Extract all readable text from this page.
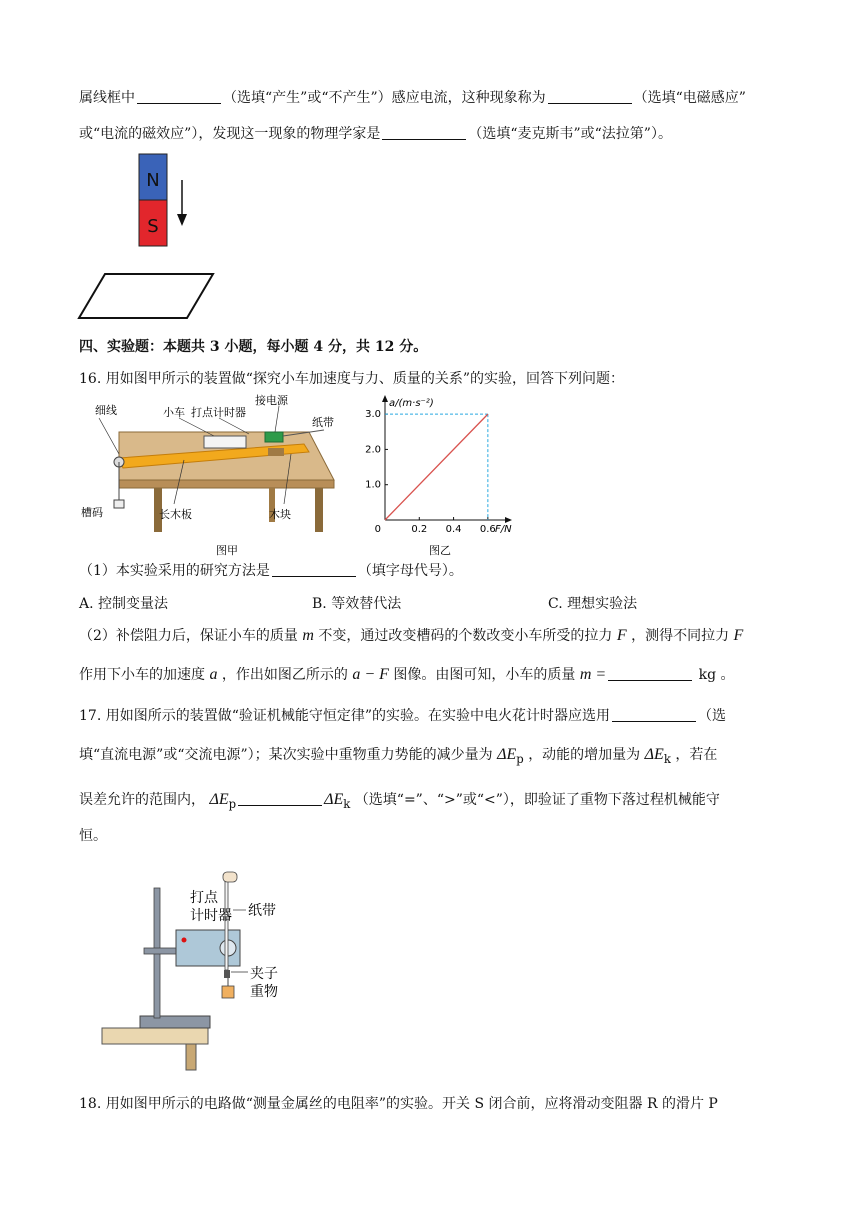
属线框中	（选填“产生”或“不产生”）感应电流，这种现象称为	（选填“电磁感应”
或“电流的磁效应”），发现这一现象的物理学家是	（选填“麦克斯韦”或“法拉第”）。
N
S
四、实验题：本题共 3 小题，每小题 4 分，共 12 分。
16. 用如图甲所示的装置做“探究小车加速度与力、质量的关系”的实验，回答下列问题：
细线	小车 打点计时器
接电源
纸带
槽码	长木板	木块
图甲
a/(m·s⁻²)
F/N
0	0.2 0.4 0.6
1.0
2.0
3.0
图乙
（1）本实验采用的研究方法是	（填字母代号）。
A. 控制变量法	B. 等效替代法	C. 理想实验法
（2）补偿阻力后，保证小车的质量 m 不变，通过改变槽码的个数改变小车所受的拉力 F ，测得不同拉力 F
作用下小车的加速度 a ，作出如图乙所示的 a − F 图像。由图可知，小车的质量 m =	kg 。
17. 用如图所示的装置做“验证机械能守恒定律”的实验。在实验中电火花计时器应选用	（选
填“直流电源”或“交流电源”）；某次实验中重物重力势能的减少量为 $\Delta E_p$ ，动能的增加量为 $\Delta E_k$ ，若在
误差允许的范围内， $\Delta E_p$	$\Delta E_k$ （选填“=”、“>”或“<”），即验证了重物下落过程机械能守
恒。
打点
计时器 纸带
夹子
重物
18. 用如图甲所示的电路做“测量金属丝的电阻率”的实验。开关 S 闭合前，应将滑动变阻器 R 的滑片 P
